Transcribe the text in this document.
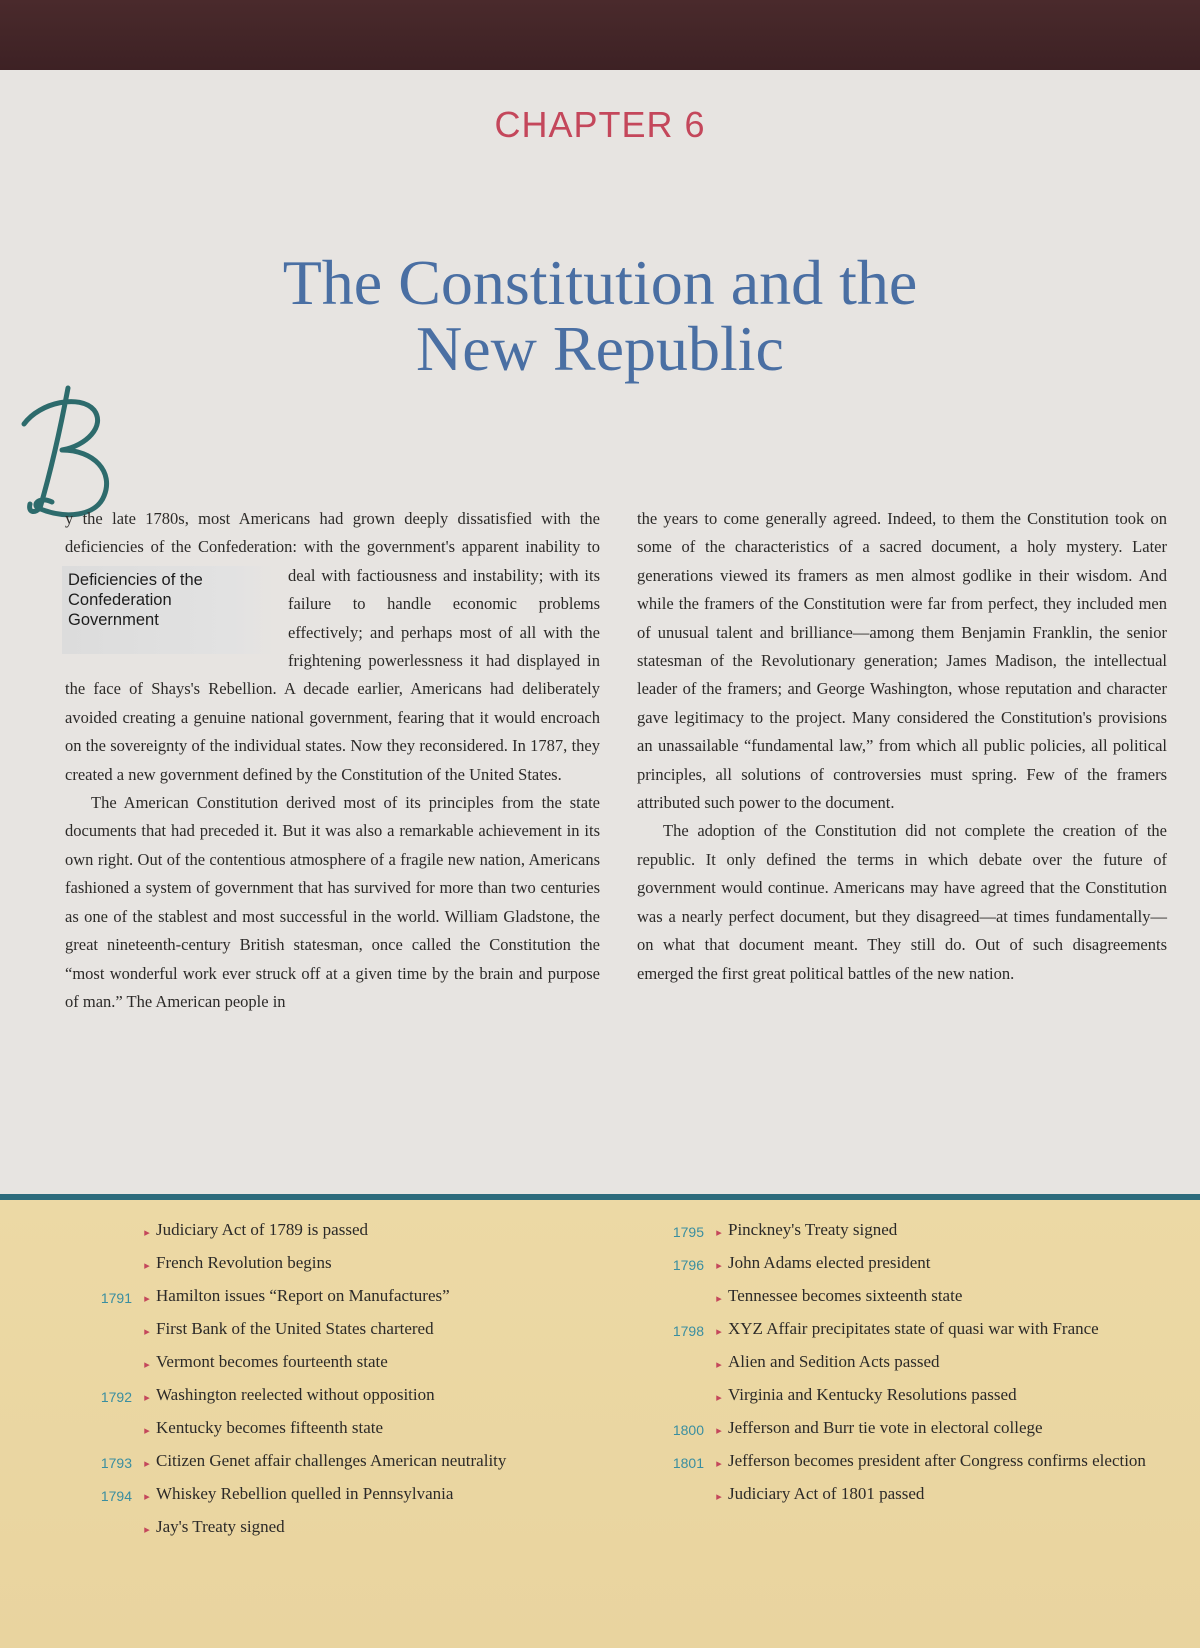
CHAPTER 6
The Constitution and the
New Republic

y the late 1780s, most Americans had grown deeply dissatisfied with the deficiencies of the Confederation: with the government's apparent inability to deal with factiousness and instability;
Deficiencies of the
Confederation
Government
with its failure to handle economic problems effectively; and perhaps most of all with the frightening powerlessness it had displayed in the face of Shays's Rebellion. A decade earlier, Americans had deliberately avoided creating a genuine national government, fearing that it would encroach on the sovereignty of the individual states. Now they reconsidered. In 1787, they created a new government defined by the Constitution of the United States.

The American Constitution derived most of its principles from the state documents that had preceded it. But it was also a remarkable achievement in its own right. Out of the contentious atmosphere of a fragile new nation, Americans fashioned a system of government that has survived for more than two centuries as one of the stablest and most successful in the world. William Gladstone, the great nineteenth-century British statesman, once called the Constitution the “most wonderful work ever struck off at a given time by the brain and purpose of man.” The American people in

the years to come generally agreed. Indeed, to them the Constitution took on some of the characteristics of a sacred document, a holy mystery. Later generations viewed its framers as men almost godlike in their wisdom. And while the framers of the Constitution were far from perfect, they included men of unusual talent and brilliance—among them Benjamin Franklin, the senior statesman of the Revolutionary generation; James Madison, the intellectual leader of the framers; and George Washington, whose reputation and character gave legitimacy to the project. Many considered the Constitution's provisions an unassailable “fundamental law,” from which all public policies, all political principles, all solutions of controversies must spring. Few of the framers attributed such power to the document.

The adoption of the Constitution did not complete the creation of the republic. It only defined the terms in which debate over the future of government would continue. Americans may have agreed that the Constitution was a nearly perfect document, but they disagreed—at times fundamentally—on what that document meant. They still do. Out of such disagreements emerged the first great political battles of the new nation.

▸ Judiciary Act of 1789 is passed
▸ French Revolution begins
1791	▸ Hamilton issues “Report on Manufactures”
▸ First Bank of the United States chartered
▸ Vermont becomes fourteenth state
1792	▸ Washington reelected without opposition
▸ Kentucky becomes fifteenth state
1793	▸ Citizen Genet affair challenges American neutrality
1794	▸ Whiskey Rebellion quelled in Pennsylvania
▸ Jay's Treaty signed
1795	▸ Pinckney's Treaty signed
1796	▸ John Adams elected president
▸ Tennessee becomes sixteenth state
1798	▸ XYZ Affair precipitates state of quasi war with France
▸ Alien and Sedition Acts passed
▸ Virginia and Kentucky Resolutions passed
1800	▸ Jefferson and Burr tie vote in electoral college
1801	▸ Jefferson becomes president after Congress confirms election
▸ Judiciary Act of 1801 passed
